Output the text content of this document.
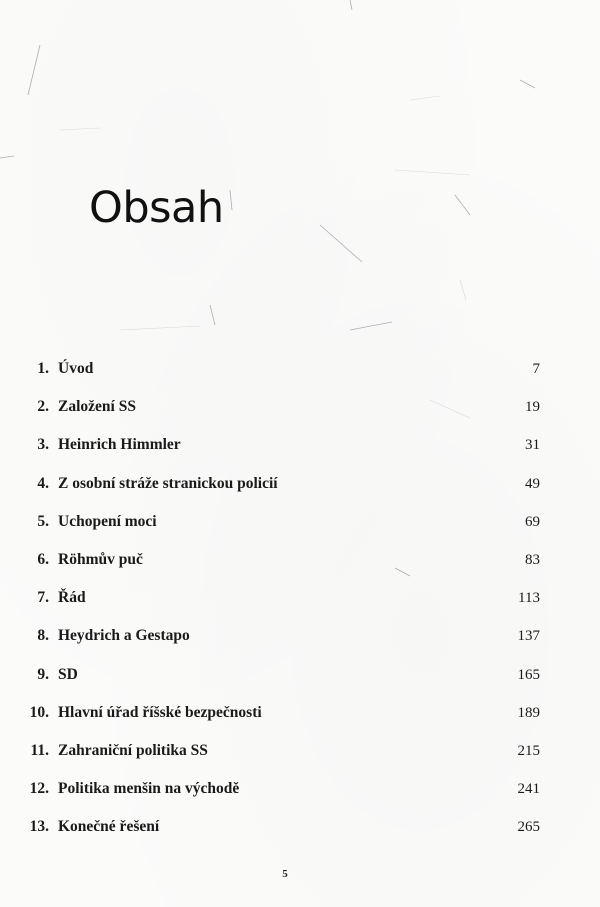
Obsah
1. Úvod	7
2. Založení SS	19
3. Heinrich Himmler	31
4. Z osobní stráže stranickou policií	49
5. Uchopení moci	69
6. Röhmův puč	83
7. Řád	113
8. Heydrich a Gestapo	137
9. SD	165
10. Hlavní úřad říšské bezpečnosti	189
11. Zahraniční politika SS	215
12. Politika menšin na východě	241
13. Konečné řešení	265
5
